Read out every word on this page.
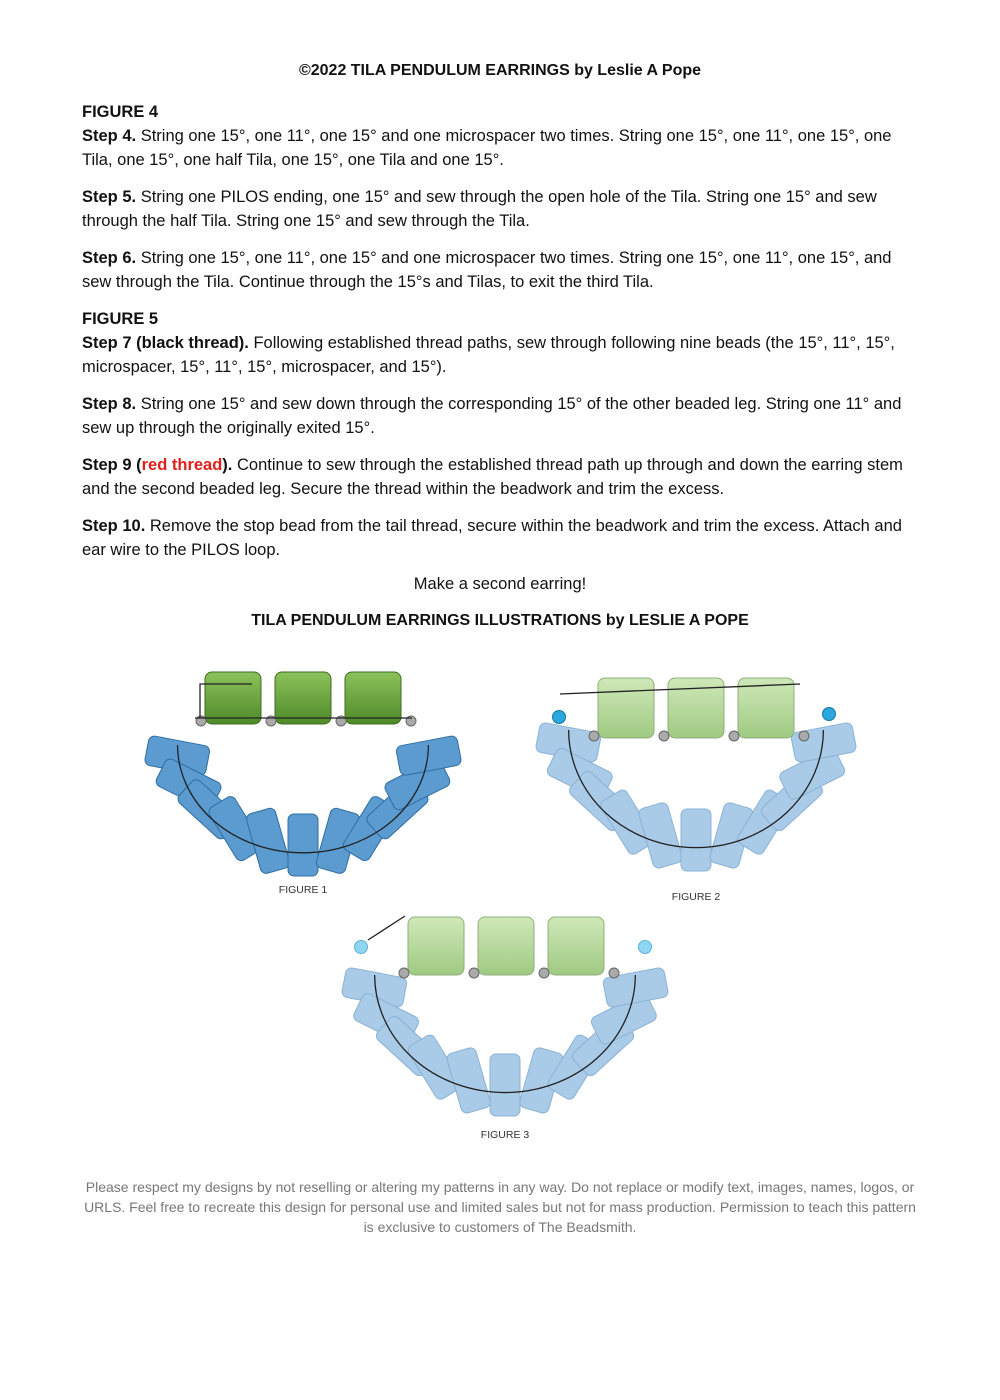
©2022 TILA PENDULUM EARRINGS by Leslie A Pope
FIGURE 4

Step 4. String one 15°, one 11°, one 15° and one microspacer two times. String one 15°, one 11°, one 15°, one Tila, one 15°, one half Tila, one 15°, one Tila and one 15°.

Step 5. String one PILOS ending, one 15° and sew through the open hole of the Tila. String one 15° and sew through the half Tila. String one 15° and sew through the Tila.

Step 6. String one 15°, one 11°, one 15° and one microspacer two times. String one 15°, one 11°, one 15°, and sew through the Tila. Continue through the 15°s and Tilas, to exit the third Tila.

FIGURE 5

Step 7 (black thread). Following established thread paths, sew through following nine beads (the 15°, 11°, 15°, microspacer, 15°, 11°, 15°, microspacer, and 15°).

Step 8. String one 15° and sew down through the corresponding 15° of the other beaded leg. String one 11° and sew up through the originally exited 15°.

Step 9 (red thread). Continue to sew through the established thread path up through and down the earring stem and the second beaded leg. Secure the thread within the beadwork and trim the excess.

Step 10. Remove the stop bead from the tail thread, secure within the beadwork and trim the excess. Attach and ear wire to the PILOS loop.

Make a second earring!
TILA PENDULUM EARRINGS ILLUSTRATIONS by LESLIE A POPE
FIGURE 1
FIGURE 2
FIGURE 3
Please respect my designs by not reselling or altering my patterns in any way. Do not replace or modify text, images, names, logos, or URLS. Feel free to recreate this design for personal use and limited sales but not for mass production. Permission to teach this pattern is exclusive to customers of The Beadsmith.
